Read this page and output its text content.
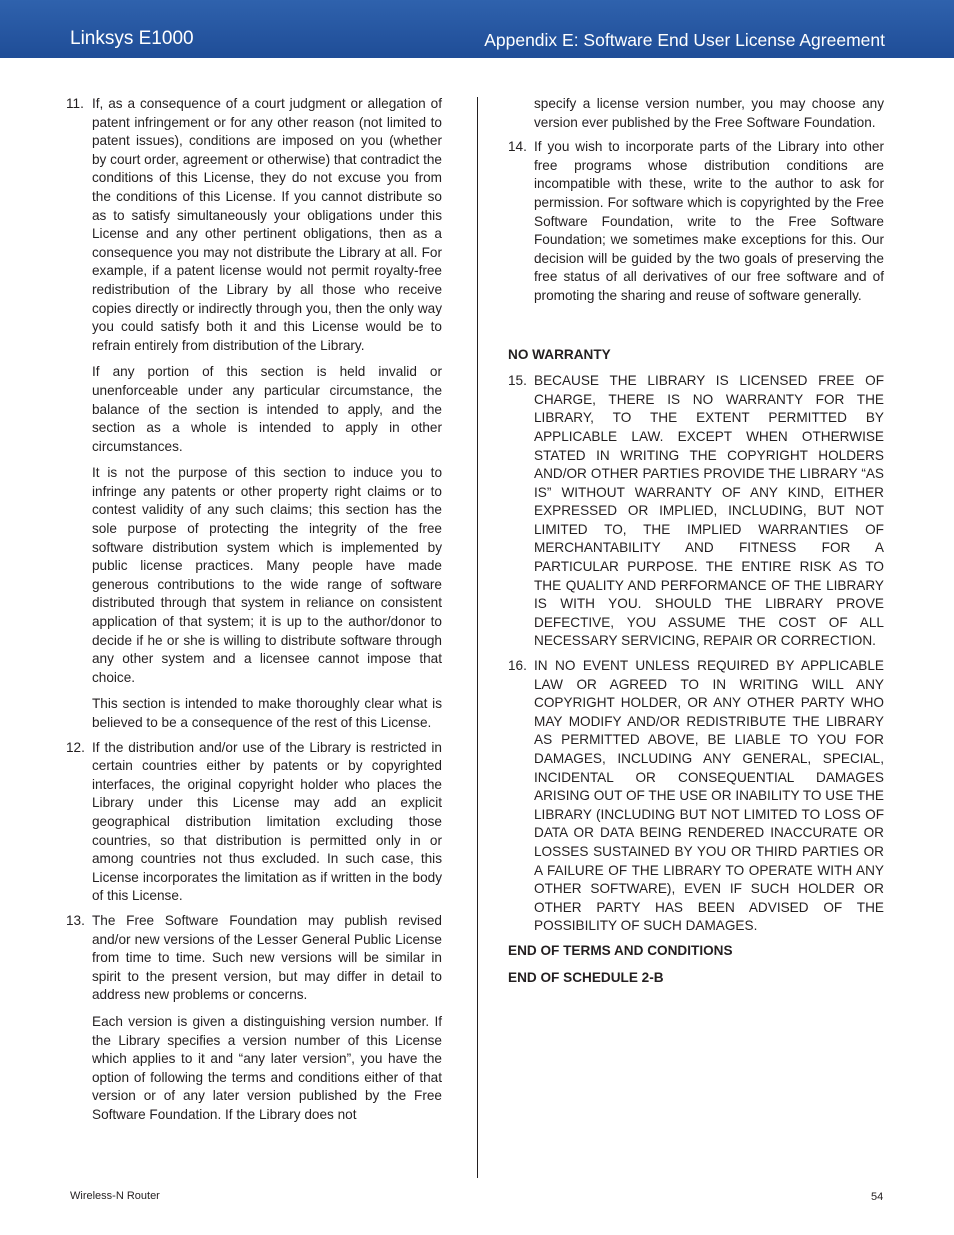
Linksys E1000	Appendix E: Software End User License Agreement
11. If, as a consequence of a court judgment or allegation of patent infringement or for any other reason (not limited to patent issues), conditions are imposed on you (whether by court order, agreement or otherwise) that contradict the conditions of this License, they do not excuse you from the conditions of this License. If you cannot distribute so as to satisfy simultaneously your obligations under this License and any other pertinent obligations, then as a consequence you may not distribute the Library at all. For example, if a patent license would not permit royalty-free redistribution of the Library by all those who receive copies directly or indirectly through you, then the only way you could satisfy both it and this License would be to refrain entirely from distribution of the Library.

If any portion of this section is held invalid or unenforceable under any particular circumstance, the balance of the section is intended to apply, and the section as a whole is intended to apply in other circumstances.

It is not the purpose of this section to induce you to infringe any patents or other property right claims or to contest validity of any such claims; this section has the sole purpose of protecting the integrity of the free software distribution system which is implemented by public license practices. Many people have made generous contributions to the wide range of software distributed through that system in reliance on consistent application of that system; it is up to the author/donor to decide if he or she is willing to distribute software through any other system and a licensee cannot impose that choice.

This section is intended to make thoroughly clear what is believed to be a consequence of the rest of this License.

12. If the distribution and/or use of the Library is restricted in certain countries either by patents or by copyrighted interfaces, the original copyright holder who places the Library under this License may add an explicit geographical distribution limitation excluding those countries, so that distribution is permitted only in or among countries not thus excluded. In such case, this License incorporates the limitation as if written in the body of this License.

13. The Free Software Foundation may publish revised and/or new versions of the Lesser General Public License from time to time. Such new versions will be similar in spirit to the present version, but may differ in detail to address new problems or concerns.

Each version is given a distinguishing version number. If the Library specifies a version number of this License which applies to it and “any later version”, you have the option of following the terms and conditions either of that version or of any later version published by the Free Software Foundation. If the Library does not

specify a license version number, you may choose any version ever published by the Free Software Foundation.

14. If you wish to incorporate parts of the Library into other free programs whose distribution conditions are incompatible with these, write to the author to ask for permission. For software which is copyrighted by the Free Software Foundation, write to the Free Software Foundation; we sometimes make exceptions for this. Our decision will be guided by the two goals of preserving the free status of all derivatives of our free software and of promoting the sharing and reuse of software generally.

NO WARRANTY
15. BECAUSE THE LIBRARY IS LICENSED FREE OF CHARGE, THERE IS NO WARRANTY FOR THE LIBRARY, TO THE EXTENT PERMITTED BY APPLICABLE LAW. EXCEPT WHEN OTHERWISE STATED IN WRITING THE COPYRIGHT HOLDERS AND/OR OTHER PARTIES PROVIDE THE LIBRARY “AS IS” WITHOUT WARRANTY OF ANY KIND, EITHER EXPRESSED OR IMPLIED, INCLUDING, BUT NOT LIMITED TO, THE IMPLIED WARRANTIES OF MERCHANTABILITY AND FITNESS FOR A PARTICULAR PURPOSE. THE ENTIRE RISK AS TO THE QUALITY AND PERFORMANCE OF THE LIBRARY IS WITH YOU. SHOULD THE LIBRARY PROVE DEFECTIVE, YOU ASSUME THE COST OF ALL NECESSARY SERVICING, REPAIR OR CORRECTION.

16. IN NO EVENT UNLESS REQUIRED BY APPLICABLE LAW OR AGREED TO IN WRITING WILL ANY COPYRIGHT HOLDER, OR ANY OTHER PARTY WHO MAY MODIFY AND/OR REDISTRIBUTE THE LIBRARY AS PERMITTED ABOVE, BE LIABLE TO YOU FOR DAMAGES, INCLUDING ANY GENERAL, SPECIAL, INCIDENTAL OR CONSEQUENTIAL DAMAGES ARISING OUT OF THE USE OR INABILITY TO USE THE LIBRARY (INCLUDING BUT NOT LIMITED TO LOSS OF DATA OR DATA BEING RENDERED INACCURATE OR LOSSES SUSTAINED BY YOU OR THIRD PARTIES OR A FAILURE OF THE LIBRARY TO OPERATE WITH ANY OTHER SOFTWARE), EVEN IF SUCH HOLDER OR OTHER PARTY HAS BEEN ADVISED OF THE POSSIBILITY OF SUCH DAMAGES.

END OF TERMS AND CONDITIONS
END OF SCHEDULE 2-B
Wireless-N Router	54
